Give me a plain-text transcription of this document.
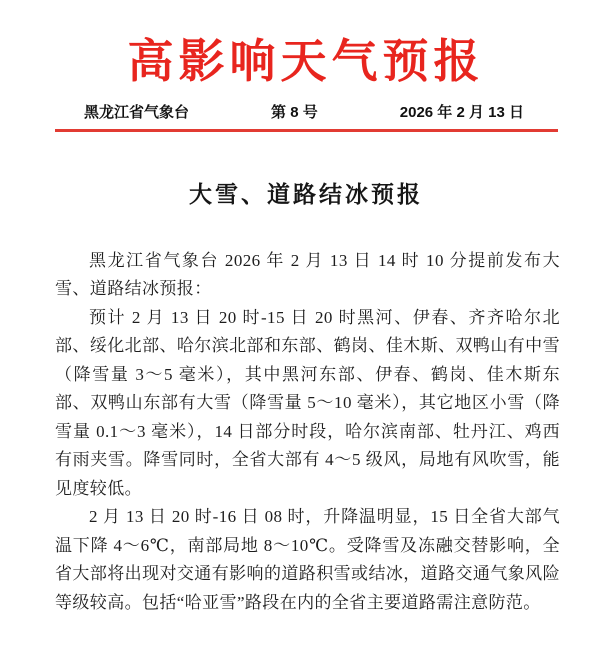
高影响天气预报
黑龙江省气象台	第 8 号	2026 年 2 月 13 日
大雪、道路结冰预报

黑龙江省气象台 2026 年 2 月 13 日 14 时 10 分提前发布大雪、道路结冰预报：

预计 2 月 13 日 20 时-15 日 20 时黑河、伊春、齐齐哈尔北部、绥化北部、哈尔滨北部和东部、鹤岗、佳木斯、双鸭山有中雪（降雪量 3～5 毫米），其中黑河东部、伊春、鹤岗、佳木斯东部、双鸭山东部有大雪（降雪量 5～10 毫米），其它地区小雪（降雪量 0.1～3 毫米），14 日部分时段，哈尔滨南部、牡丹江、鸡西有雨夹雪。降雪同时，全省大部有 4～5 级风，局地有风吹雪，能见度较低。

2 月 13 日 20 时-16 日 08 时，升降温明显，15 日全省大部气温下降 4～6℃，南部局地 8～10℃。受降雪及冻融交替影响，全省大部将出现对交通有影响的道路积雪或结冰，道路交通气象风险等级较高。包括“哈亚雪”路段在内的全省主要道路需注意防范。
